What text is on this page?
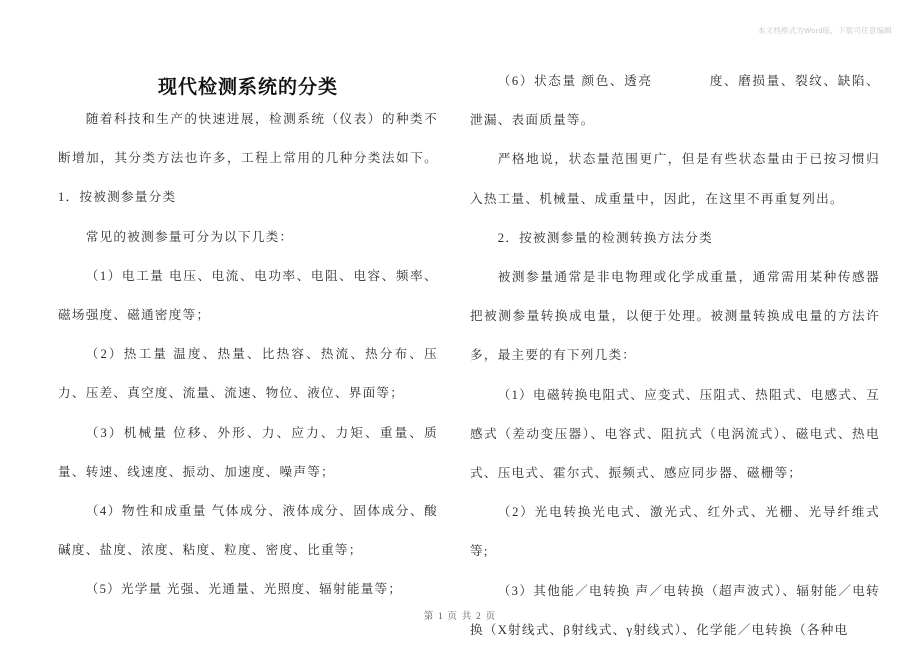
本文档格式为Word版，下载可任意编辑
现代检测系统的分类

随着科技和生产的快速进展，检测系统（仪表）的种类不断增加，其分类方法也许多，工程上常用的几种分类法如下。        1．按被测参量分类

常见的被测参量可分为以下几类：

（1）电工量 电压、电流、电功率、电阻、电容、频率、磁场强度、磁通密度等；

（2）热工量 温度、热量、比热容、热流、热分布、压力、压差、真空度、流量、流速、物位、液位、界面等；

（3）机械量 位移、外形、力、应力、力矩、重量、质量、转速、线速度、振动、加速度、噪声等；

（4）物性和成重量 气体成分、液体成分、固体成分、酸碱度、盐度、浓度、粘度、粒度、密度、比重等；

（5）光学量 光强、光通量、光照度、辐射能量等；

（6）状态量 颜色、透亮            度、磨损量、裂纹、缺陷、泄漏、表面质量等。

严格地说，状态量范围更广，但是有些状态量由于已按习惯归入热工量、机械量、成重量中，因此，在这里不再重复列出。

2．按被测参量的检测转换方法分类

被测参量通常是非电物理或化学成重量，通常需用某种传感器把被测参量转换成电量，以便于处理。被测量转换成电量的方法许多，最主要的有下列几类：

（1）电磁转换电阻式、应变式、压阻式、热阻式、电感式、互感式（差动变压器）、电容式、阻抗式（电涡流式）、磁电式、热电式、压电式、霍尔式、振频式、感应同步器、磁栅等；

（2）光电转换光电式、激光式、红外式、光栅、光导纤维式等;

（3）其他能／电转换 声／电转换（超声波式）、辐射能／电转换（X射线式、β射线式、γ射线式）、化学能／电转换（各种电

第 1 页 共 2 页
